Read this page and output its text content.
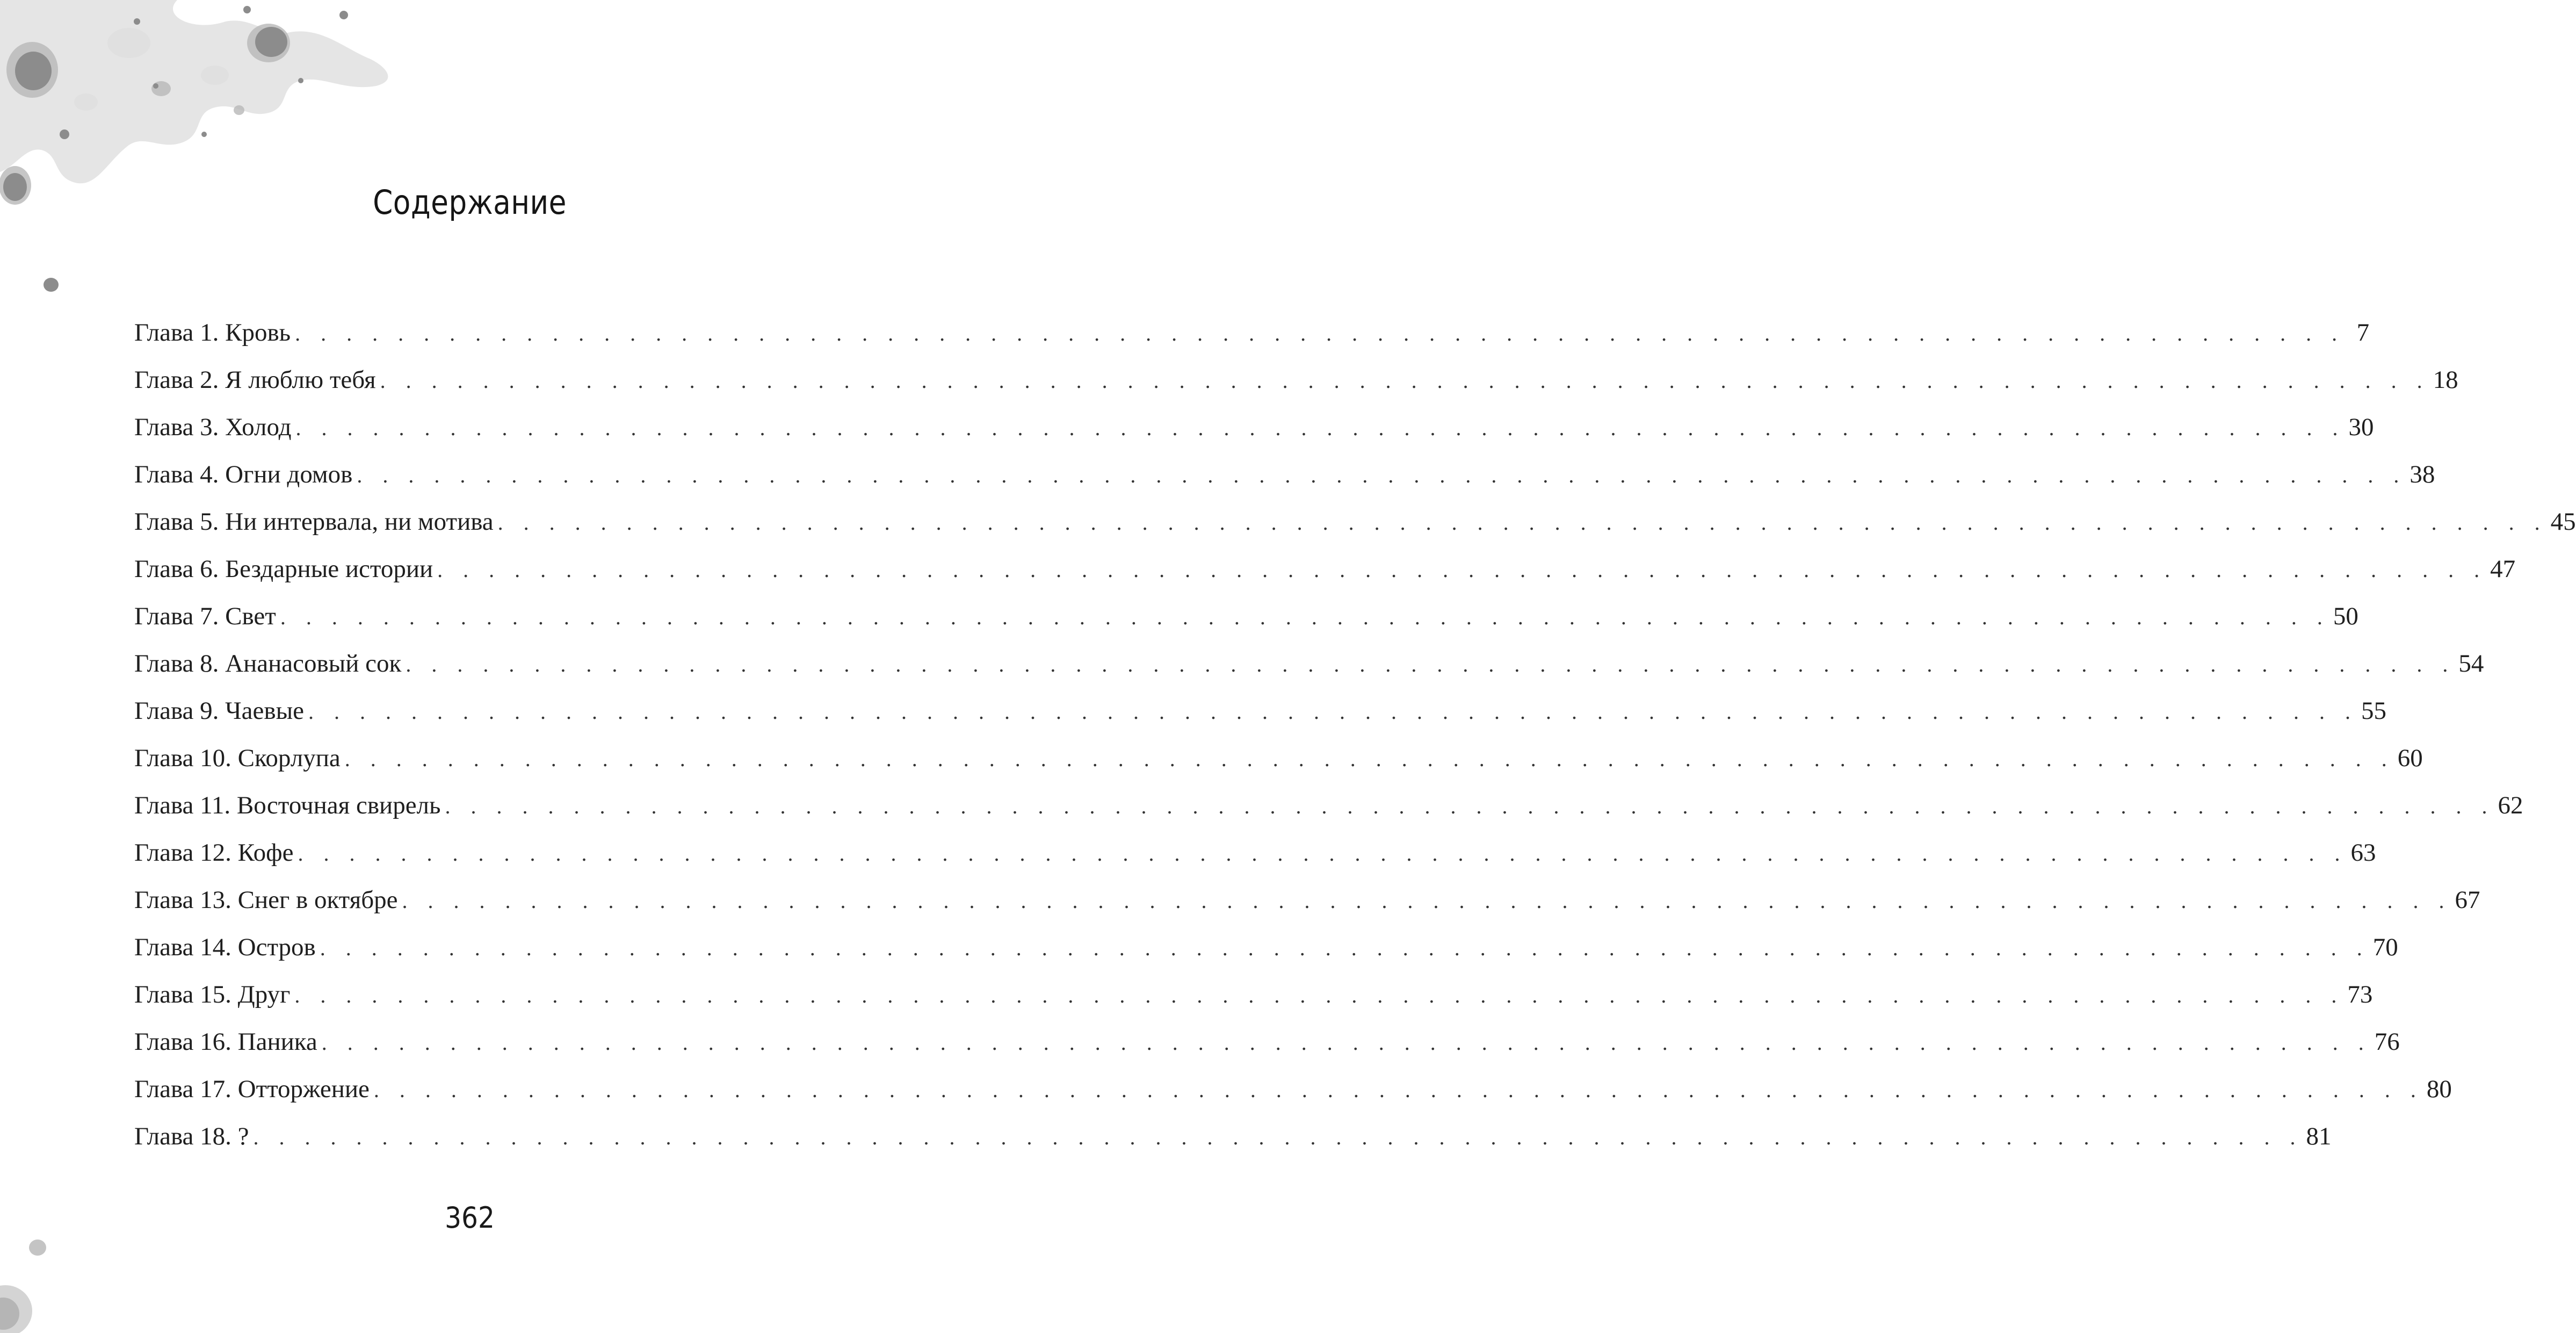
Содержание
Глава 1. Кровь . . . . . . . . . . . . . . . . . . . . . . . . . . . . . . . . . . . . . . . . . . . . . . . . . . . . . . . . . . . . . . . . . . . . . . . . . . . . . . . . 7
Глава 2. Я люблю тебя . . . . . . . . . . . . . . . . . . . . . . . . . . . . . . . . . . . . . . . . . . . . . . . . . . . . . . . . . . . . . . . . . . . . . . . . . . . . . . . . 18
Глава 3. Холод . . . . . . . . . . . . . . . . . . . . . . . . . . . . . . . . . . . . . . . . . . . . . . . . . . . . . . . . . . . . . . . . . . . . . . . . . . . . . . . . 30
Глава 4. Огни домов . . . . . . . . . . . . . . . . . . . . . . . . . . . . . . . . . . . . . . . . . . . . . . . . . . . . . . . . . . . . . . . . . . . . . . . . . . . . . . . . 38
Глава 5. Ни интервала, ни мотива . . . . . . . . . . . . . . . . . . . . . . . . . . . . . . . . . . . . . . . . . . . . . . . . . . . . . . . . . . . . . . . . . . . . . . . . . . . . . . . . 45
Глава 6. Бездарные истории . . . . . . . . . . . . . . . . . . . . . . . . . . . . . . . . . . . . . . . . . . . . . . . . . . . . . . . . . . . . . . . . . . . . . . . . . . . . . . . . 47
Глава 7. Свет . . . . . . . . . . . . . . . . . . . . . . . . . . . . . . . . . . . . . . . . . . . . . . . . . . . . . . . . . . . . . . . . . . . . . . . . . . . . . . . . 50
Глава 8. Ананасовый сок . . . . . . . . . . . . . . . . . . . . . . . . . . . . . . . . . . . . . . . . . . . . . . . . . . . . . . . . . . . . . . . . . . . . . . . . . . . . . . . . 54
Глава 9. Чаевые . . . . . . . . . . . . . . . . . . . . . . . . . . . . . . . . . . . . . . . . . . . . . . . . . . . . . . . . . . . . . . . . . . . . . . . . . . . . . . . . 55
Глава 10. Скорлупа . . . . . . . . . . . . . . . . . . . . . . . . . . . . . . . . . . . . . . . . . . . . . . . . . . . . . . . . . . . . . . . . . . . . . . . . . . . . . . . . 60
Глава 11. Восточная свирель . . . . . . . . . . . . . . . . . . . . . . . . . . . . . . . . . . . . . . . . . . . . . . . . . . . . . . . . . . . . . . . . . . . . . . . . . . . . . . . . 62
Глава 12. Кофе . . . . . . . . . . . . . . . . . . . . . . . . . . . . . . . . . . . . . . . . . . . . . . . . . . . . . . . . . . . . . . . . . . . . . . . . . . . . . . . . 63
Глава 13. Снег в октябре . . . . . . . . . . . . . . . . . . . . . . . . . . . . . . . . . . . . . . . . . . . . . . . . . . . . . . . . . . . . . . . . . . . . . . . . . . . . . . . . 67
Глава 14. Остров . . . . . . . . . . . . . . . . . . . . . . . . . . . . . . . . . . . . . . . . . . . . . . . . . . . . . . . . . . . . . . . . . . . . . . . . . . . . . . . . 70
Глава 15. Друг . . . . . . . . . . . . . . . . . . . . . . . . . . . . . . . . . . . . . . . . . . . . . . . . . . . . . . . . . . . . . . . . . . . . . . . . . . . . . . . . 73
Глава 16. Паника . . . . . . . . . . . . . . . . . . . . . . . . . . . . . . . . . . . . . . . . . . . . . . . . . . . . . . . . . . . . . . . . . . . . . . . . . . . . . . . . 76
Глава 17. Отторжение . . . . . . . . . . . . . . . . . . . . . . . . . . . . . . . . . . . . . . . . . . . . . . . . . . . . . . . . . . . . . . . . . . . . . . . . . . . . . . . . 80
Глава 18. ? . . . . . . . . . . . . . . . . . . . . . . . . . . . . . . . . . . . . . . . . . . . . . . . . . . . . . . . . . . . . . . . . . . . . . . . . . . . . . . . . 81
362
